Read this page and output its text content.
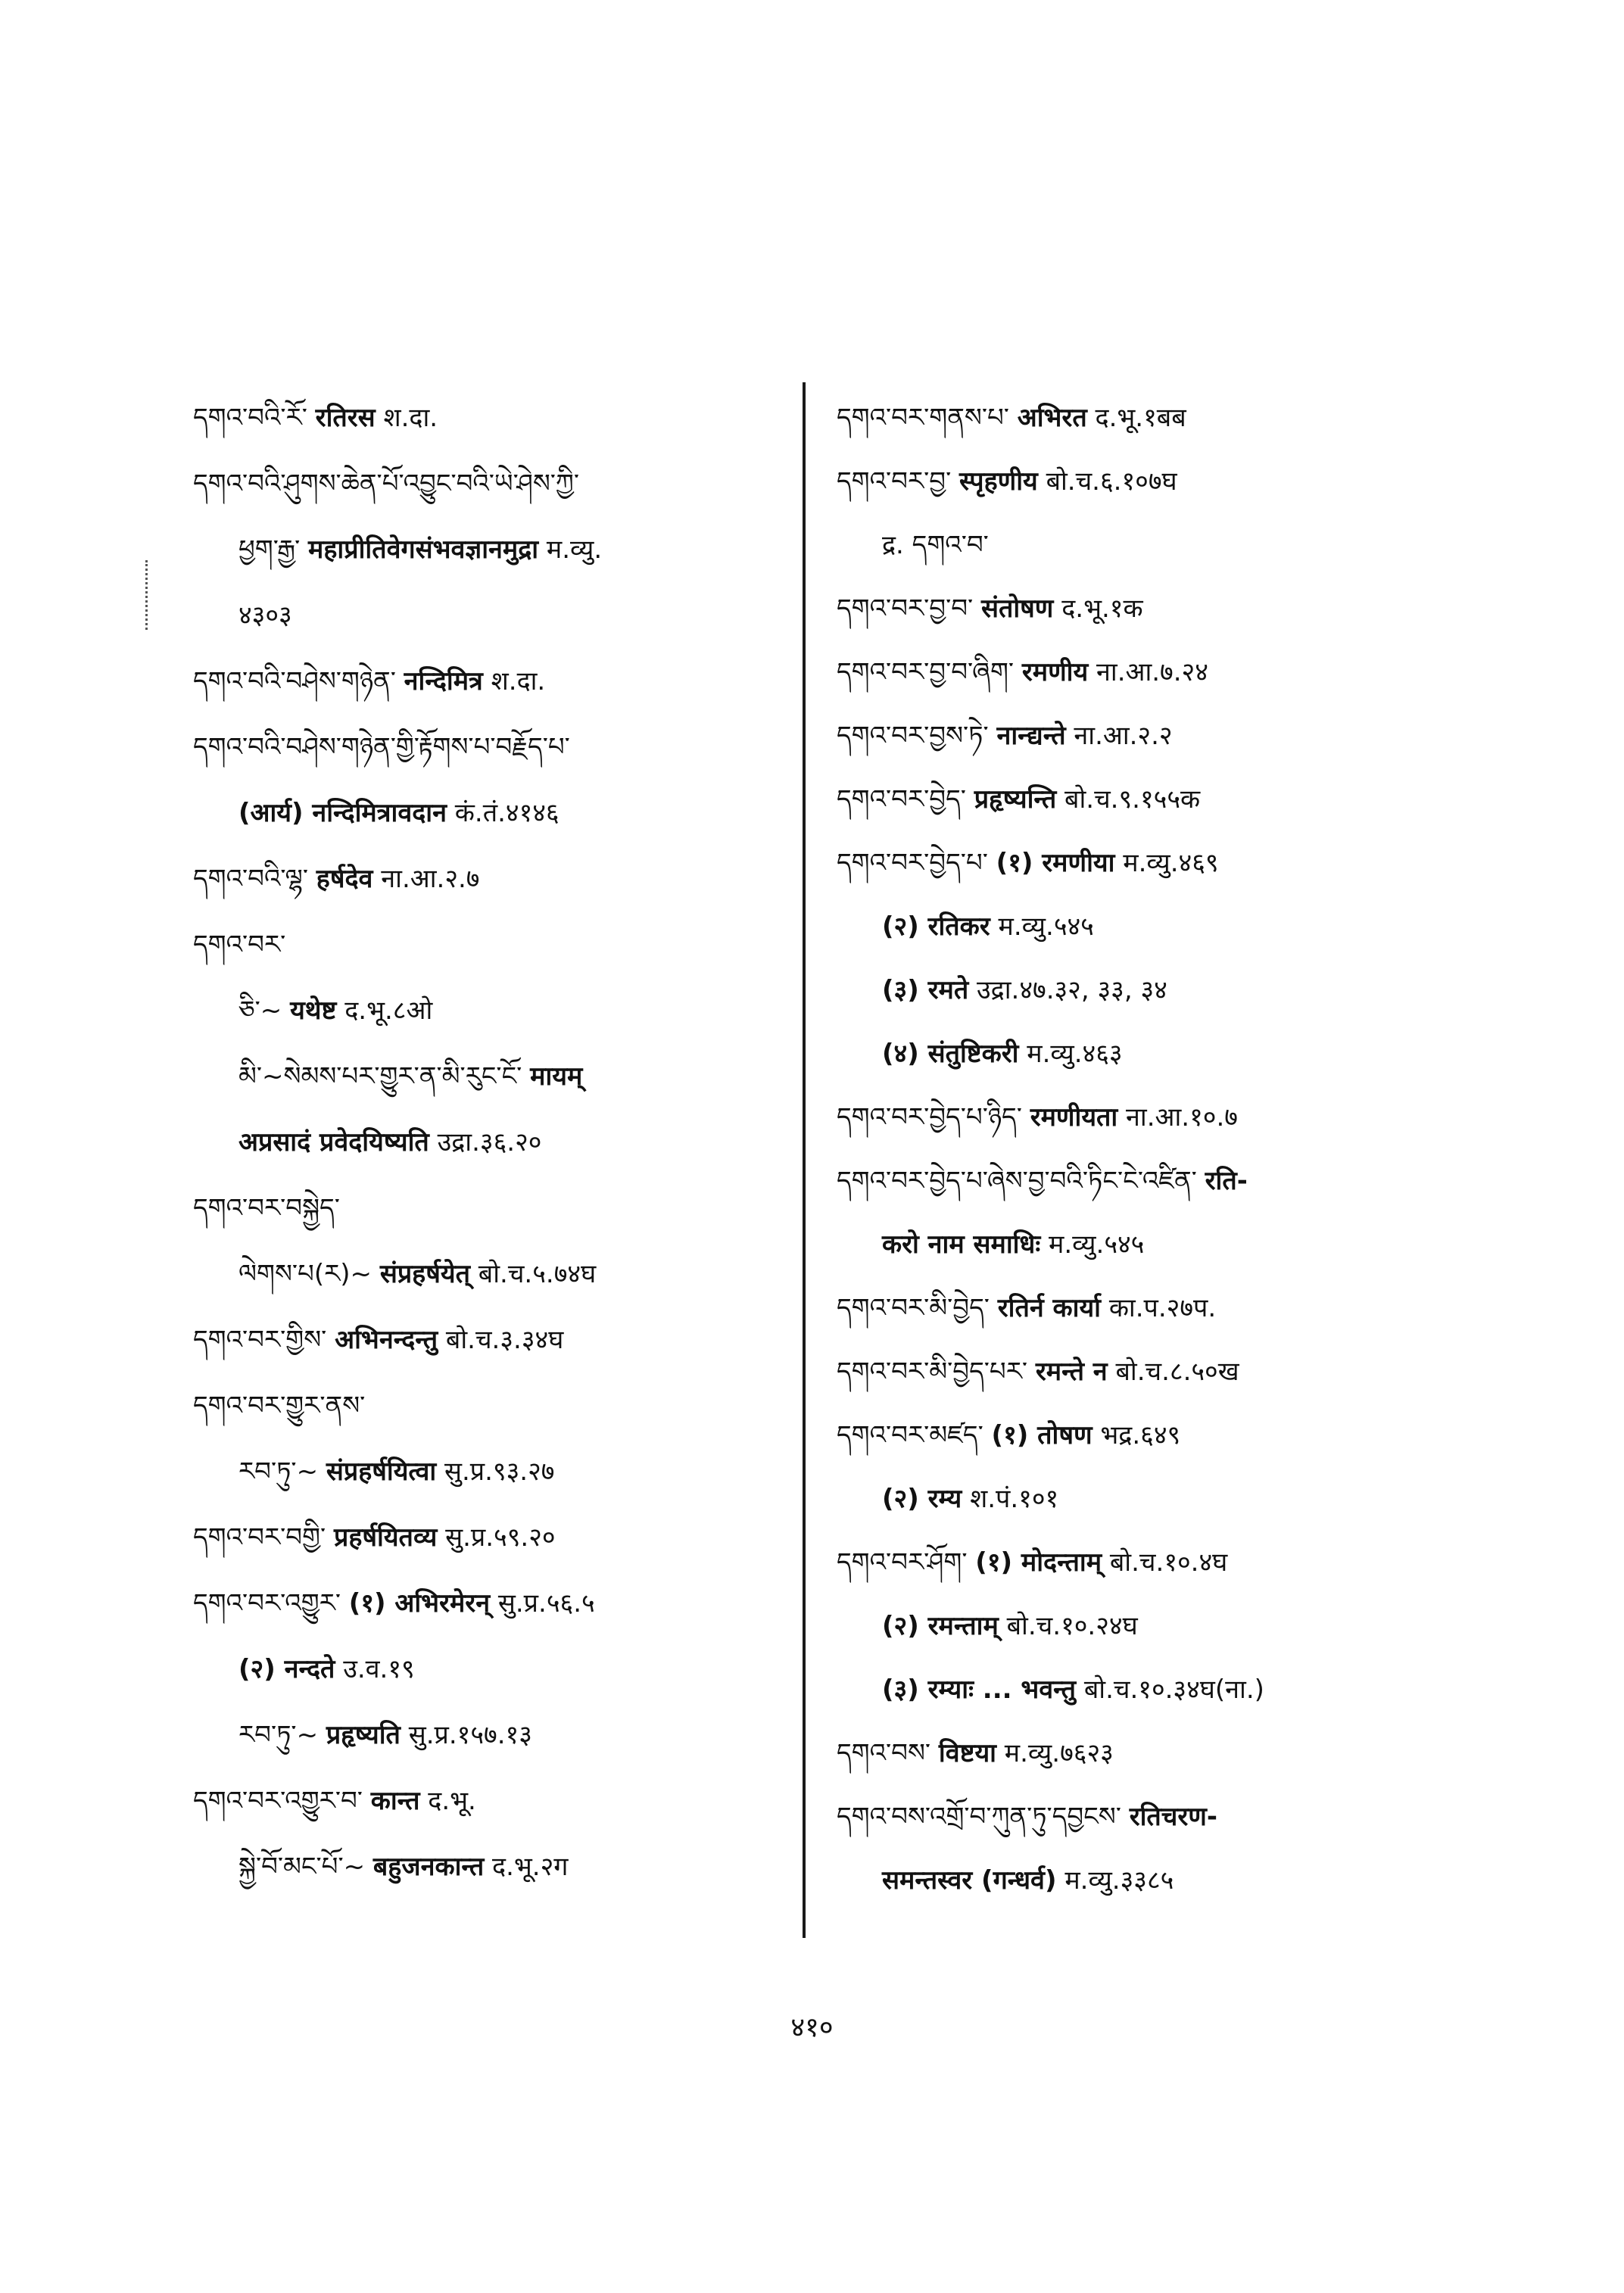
དགའ་བའི་རོ་ रतिरस श.दा.
དགའ་བའི་ཤུགས་ཆེན་པོ་འབྱུང་བའི་ཡེ་ཤེས་ཀྱི་
ཕྱག་རྒྱ་ महाप्रीतिवेगसंभवज्ञानमुद्रा म.व्यु.
४३०३
དགའ་བའི་བཤེས་གཉེན་ नन्दिमित्र श.दा.
དགའ་བའི་བཤེས་གཉེན་གྱི་རྟོགས་པ་བརྗོད་པ་
(आर्य) नन्दिमित्रावदान कं.तं.४१४६
དགའ་བའི་ལྷ་ हर्षदेव ना.आ.२.७
དགའ་བར་
ཅི་~ यथेष्ट द.भू.८ओ
མི་~སེམས་པར་གྱུར་ན་མི་རུང་ངོ་ मायम्
अप्रसादं प्रवेदयिष्यति उद्रा.३६.२०
དགའ་བར་བསྐྱེད་
ལེགས་པ(ར)~ संप्रहर्षयेत् बो.च.५.७४घ
དགའ་བར་གྱིས་ अभिनन्दन्तु बो.च.३.३४घ
དགའ་བར་གྱུར་ནས་
རབ་ཏུ་~ संप्रहर्षयित्वा सु.प्र.९३.२७
དགའ་བར་བགྱི་ प्रहर्षयितव्य सु.प्र.५९.२०
དགའ་བར་འགྱུར་ (१) अभिरमेरन् सु.प्र.५६.५
(२) नन्दते उ.व.१९
རབ་ཏུ་~ प्रहृष्यति सु.प्र.१५७.१३
དགའ་བར་འགྱུར་བ་ कान्त द.भू.
སྐྱེ་བོ་མང་པོ་~ बहुजनकान्त द.भू.२ग
དགའ་བར་གནས་པ་ अभिरत द.भू.१बब
དགའ་བར་བྱ་ स्पृहणीय बो.च.६.१०७घ
द्र. དགའ་བ་
དགའ་བར་བྱ་བ་ संतोषण द.भू.१क
དགའ་བར་བྱ་བ་ཞིག་ रमणीय ना.आ.७.२४
དགའ་བར་བྱས་ཏེ་ नान्द्यन्ते ना.आ.२.२
དགའ་བར་བྱེད་ प्रहृष्यन्ति बो.च.९.१५५क
དགའ་བར་བྱེད་པ་ (१) रमणीया म.व्यु.४६९
(२) रतिकर म.व्यु.५४५
(३) रमते उद्रा.४७.३२, ३३, ३४
(४) संतुष्टिकरी म.व्यु.४६३
དགའ་བར་བྱེད་པ་ཉིད་ रमणीयता ना.आ.१०.७
དགའ་བར་བྱེད་པ་ཞེས་བྱ་བའི་ཏིང་ངེ་འཛིན་ रति-
करो नाम समाधिः म.व्यु.५४५
དགའ་བར་མི་བྱེད་ रतिर्न कार्या का.प.२७प.
དགའ་བར་མི་བྱེད་པར་ रमन्ते न बो.च.८.५०ख
དགའ་བར་མཛད་ (१) तोषण भद्र.६४९
(२) रम्य श.पं.१०१
དགའ་བར་ཤོག་ (१) मोदन्ताम् बो.च.१०.४घ
(२) रमन्ताम् बो.च.१०.२४घ
(३) रम्याः ... भवन्तु बो.च.१०.३४घ(ना.)
དགའ་བས་ विष्टया म.व्यु.७६२३
དགའ་བས་འགྲོ་བ་ཀུན་ཏུ་དབྱངས་ रतिचरण-
समन्तस्वर (गन्धर्व) म.व्यु.३३८५
४१०
